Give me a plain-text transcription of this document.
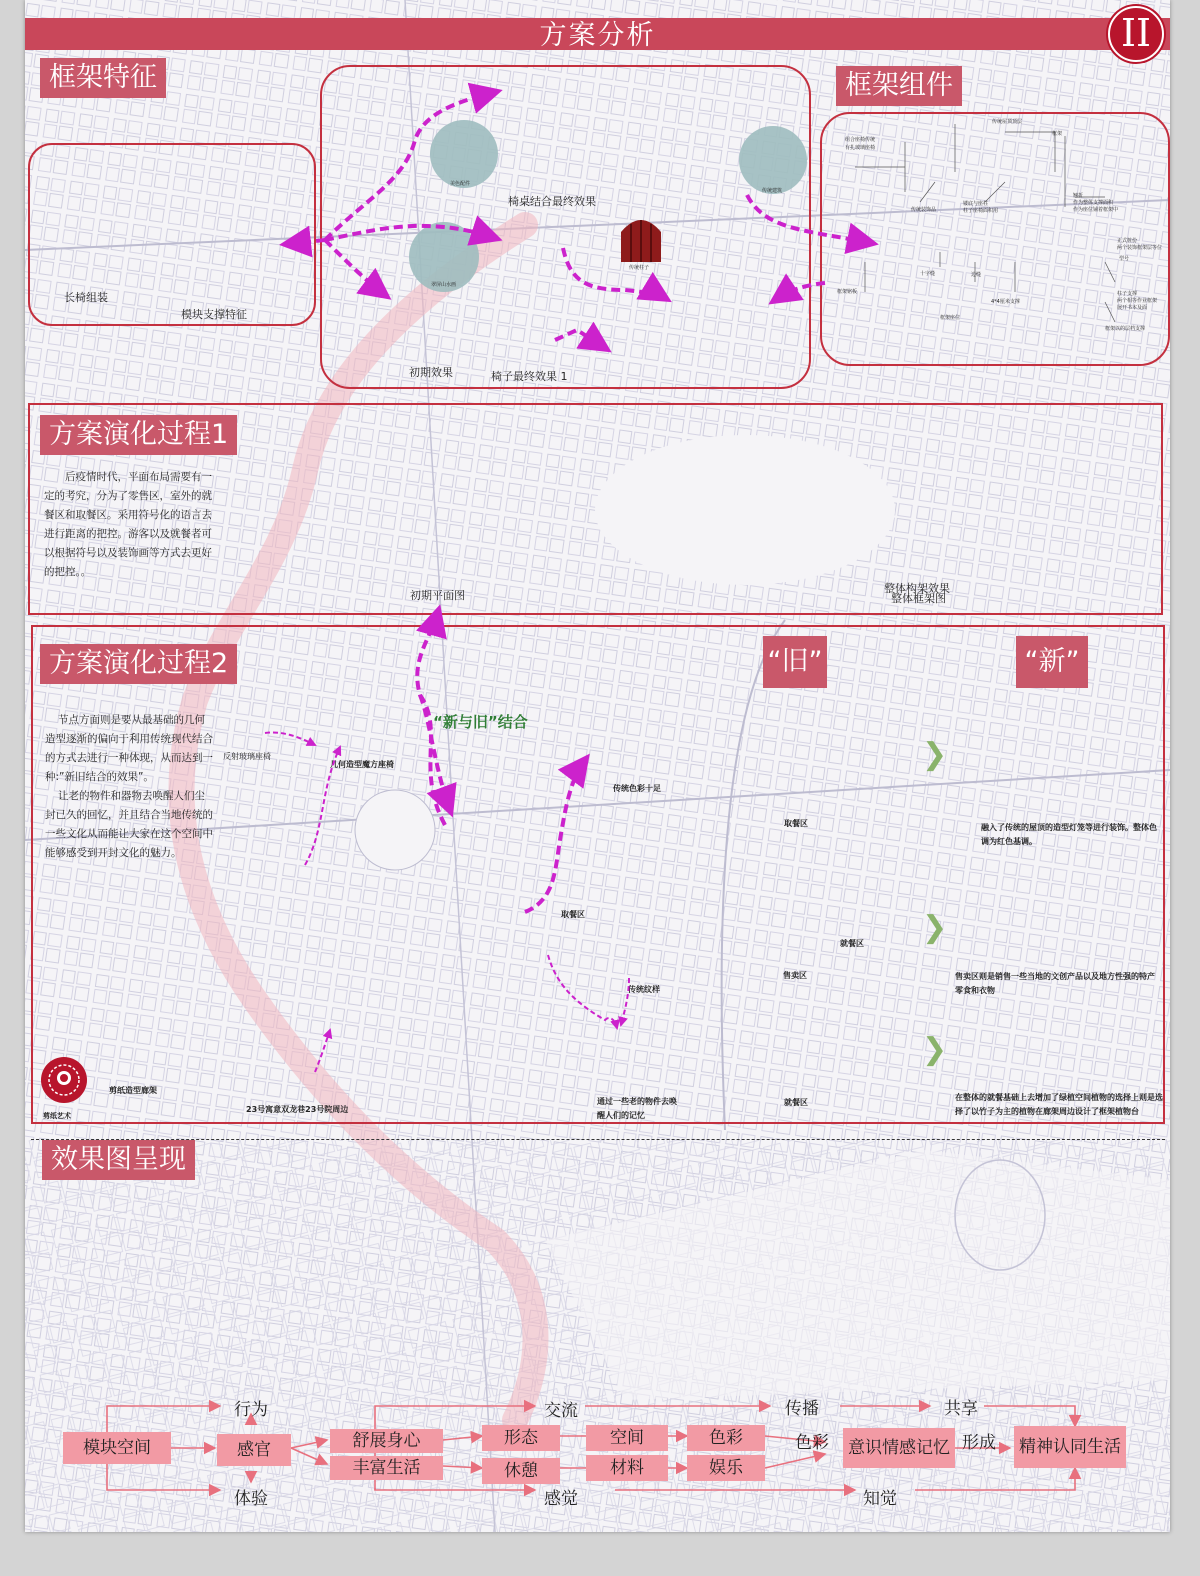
方案分析	II
框架特征	框架组件
长椅组装
模块支撑特征
美色配件
传统建筑
翠屏山水画
传统柱子
椅桌结合最终效果
初期效果	椅子最终效果 1
传统屋顶顶层
框架
组合座椅传统
有扎玻璃座椅
传统装饰品
镂底与座柱
柱子座椅面积用
翘折
作为整体支撑面积
作为座位铺着框架中
正式桩份
两个装饰框架层等位
框架铭板
十字缝	边缝
框架座位
4*4厘米支撑
柱子支撑
两个相等作业框架
展开书本及面
框架以的层档支撑
型号
方案演化过程1
后疫情时代，平面布局需要有一定的考究，分为了零售区，室外的就餐区和取餐区。采用符号化的语言去进行距离的把控。游客以及就餐者可以根据符号以及装饰画等方式去更好的把控。。
初期平面图
整体构架效果
整体框架图
方案演化过程2	“旧”	“新”
“新与旧”结合
节点方面则是要从最基础的几何造型逐渐的偏向于利用传统现代结合的方式去进行一种体现，从而达到一种:”新旧结合的效果”。
让老的物件和器物去唤醒人们尘封已久的回忆，并且结合当地传统的一些文化从而能让大家在这个空间中能够感受到开封文化的魅力。
反射玻璃座椅
几何造型魔方座椅
传统色彩十足
取餐区
取餐区
就餐区
售卖区
传统纹样
就餐区
剪纸造型廊架
剪纸艺术
23号寓意双龙巷23号院周边
通过一些老的物件去唤醒人们的记忆
❯
❯
❯
融入了传统的屋顶的造型灯笼等进行装饰。整体色调为红色基调。
售卖区则是销售一些当地的文创产品以及地方性强的特产零食和衣物
在整体的就餐基础上去增加了绿植空间植物的选择上则是选择了以竹子为主的植物在廊架周边设计了框架植物台
效果图呈现
模块空间	感官
行为
体验
舒展身心
丰富生活
交流
感觉
形态
休憩
空间
材料
色彩
娱乐
色彩
传播	共享
意识情感记忆 形成
知觉
精神认同生活
